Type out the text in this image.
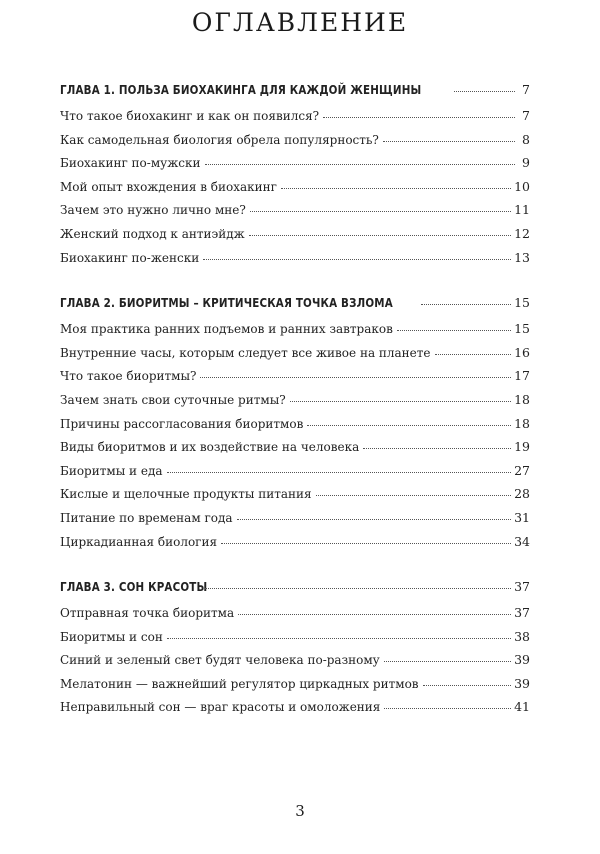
ОГЛАВЛЕНИЕ
ГЛАВА 1. ПОЛЬЗА БИОХАКИНГА ДЛЯ КАЖДОЙ ЖЕНЩИНЫ	7
Что такое биохакинг и как он появился?	7
Как самодельная биология обрела популярность?	8
Биохакинг по-мужски	9
Мой опыт вхождения в биохакинг	10
Зачем это нужно лично мне?	11
Женский подход к антиэйдж	12
Биохакинг по-женски	13
ГЛАВА 2. БИОРИТМЫ – КРИТИЧЕСКАЯ ТОЧКА ВЗЛОМА	15
Моя практика ранних подъемов и ранних завтраков	15
Внутренние часы, которым следует все живое на планете	16
Что такое биоритмы?	17
Зачем знать свои суточные ритмы?	18
Причины рассогласования биоритмов	18
Виды биоритмов и их воздействие на человека	19
Биоритмы и еда	27
Кислые и щелочные продукты питания	28
Питание по временам года	31
Циркадианная биология	34
ГЛАВА 3. СОН КРАСОТЫ	37
Отправная точка биоритма	37
Биоритмы и сон	38
Синий и зеленый свет будят человека по-разному	39
Мелатонин — важнейший регулятор циркадных ритмов	39
Неправильный сон — враг красоты и омоложения	41
3
